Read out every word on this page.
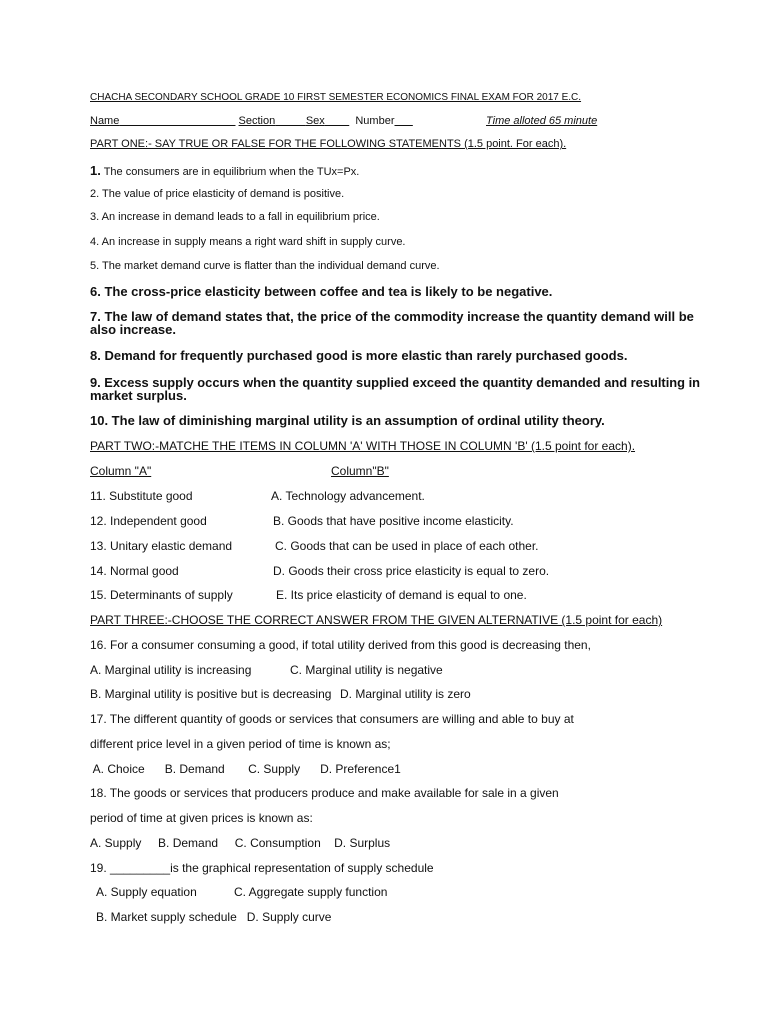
CHACHA SECONDARY SCHOOL GRADE 10 FIRST SEMESTER ECONOMICS FINAL EXAM FOR 2017 E.C.
Name	Section	Sex	Number	Time alloted 65 minute
PART ONE:- SAY TRUE OR FALSE FOR THE FOLLOWING STATEMENTS (1.5 point. For each).
1. The consumers are in equilibrium when the TUx=Px.
2. The value of price elasticity of demand is positive.
3. An increase in demand leads to a fall in equilibrium price.
4. An increase in supply means a right ward shift in supply curve.
5. The market demand curve is flatter than the individual demand curve.
6. The cross-price elasticity between coffee and tea is likely to be negative.
7. The law of demand states that, the price of the commodity increase the quantity demand will be
also increase.
8. Demand for frequently purchased good is more elastic than rarely purchased goods.
9. Excess supply occurs when the quantity supplied exceed the quantity demanded and resulting in
market surplus.
10. The law of diminishing marginal utility is an assumption of ordinal utility theory.
PART TWO:-MATCHE THE ITEMS IN COLUMN 'A' WITH THOSE IN COLUMN 'B' (1.5 point for each).
Column "A"	Column"B"
11. Substitute good	A. Technology advancement.
12. Independent good	B. Goods that have positive income elasticity.
13. Unitary elastic demand	C. Goods that can be used in place of each other.
14. Normal good	D. Goods their cross price elasticity is equal to zero.
15. Determinants of supply	E. Its price elasticity of demand is equal to one.
PART THREE:-CHOOSE THE CORRECT ANSWER FROM THE GIVEN ALTERNATIVE (1.5 point for each)
16. For a consumer consuming a good, if total utility derived from this good is decreasing then,
A. Marginal utility is increasing	C. Marginal utility is negative
B. Marginal utility is positive but is decreasing D. Marginal utility is zero
17. The different quantity of goods or services that consumers are willing and able to buy at
different price level in a given period of time is known as;
A. Choice      B. Demand       C. Supply      D. Preference1
18. The goods or services that producers produce and make available for sale in a given
period of time at given prices is known as:
A. Supply     B. Demand     C. Consumption    D. Surplus
19. _________is the graphical representation of supply schedule
A. Supply equation	C. Aggregate supply function
B. Market supply schedule   D. Supply curve
